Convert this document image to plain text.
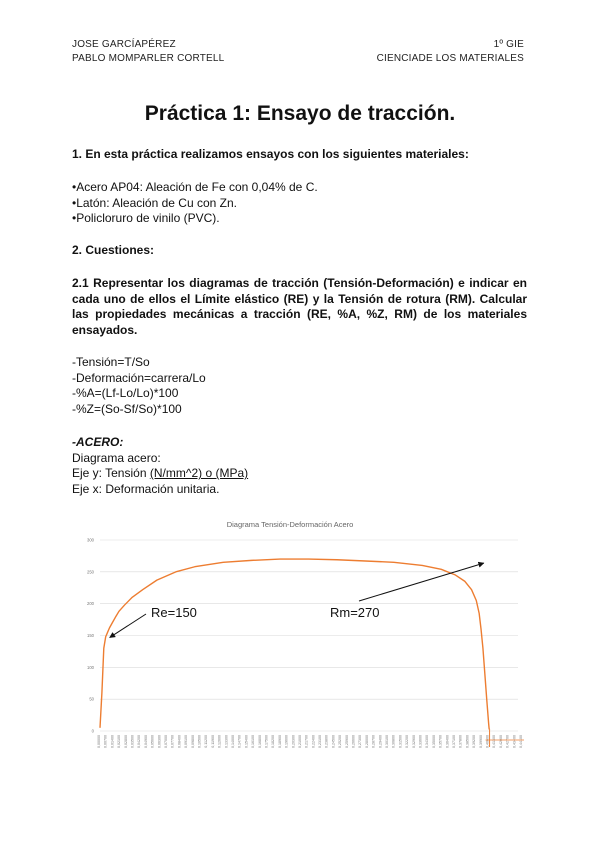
JOSE GARCÍAPÉREZ
PABLO MOMPARLER CORTELL
1º GIE
CIENCIADE LOS MATERIALES
Práctica 1: Ensayo de tracción.
1. En esta práctica realizamos ensayos con los siguientes materiales:
• Acero AP04: Aleación de Fe con 0,04% de C.
• Latón: Aleación de Cu con Zn.
• Policloruro de vinilo (PVC).
2. Cuestiones:
2.1 Representar los diagramas de tracción (Tensión-Deformación) e indicar en cada uno de ellos el Límite elástico (RE) y la Tensión de rotura (RM). Calcular las propiedades mecánicas a tracción (RE, %A, %Z, RM) de los materiales ensayados.
-Tensión=T/So
-Deformación=carrera/Lo
-%A=(Lf-Lo/Lo)*100
-%Z=(So-Sf/So)*100
-ACERO:
Diagrama acero:
Eje y: Tensión (N/mm^2) o (MPa)
Eje x: Deformación unitaria.
Diagrama Tensión-Deformación Acero
0
50
100
150
200
250
300
0,00000 0,00700 0,01400 0,02100 0,02800 0,03500 0,04200 0,04900 0,05600 0,06300 0,07000 0,07700 0,08400 0,09100 0,09800 0,10500 0,11200 0,11900 0,12600 0,13300 0,14000 0,14700 0,15400 0,16100 0,16800 0,17500 0,18200 0,18900 0,19600 0,20300 0,21000 0,21700 0,22400 0,23100 0,23800 0,24500 0,25200 0,25900 0,26600 0,27300 0,28000 0,28700 0,29400 0,30100 0,30800 0,31500 0,32200 0,32900 0,33600 0,34300 0,35000 0,35700 0,36400 0,37100 0,37800 0,38500 0,39200 0,39900 0,40600 0,41300 0,42000 0,42700 0,43400 0,44100
Re=150	Rm=270
